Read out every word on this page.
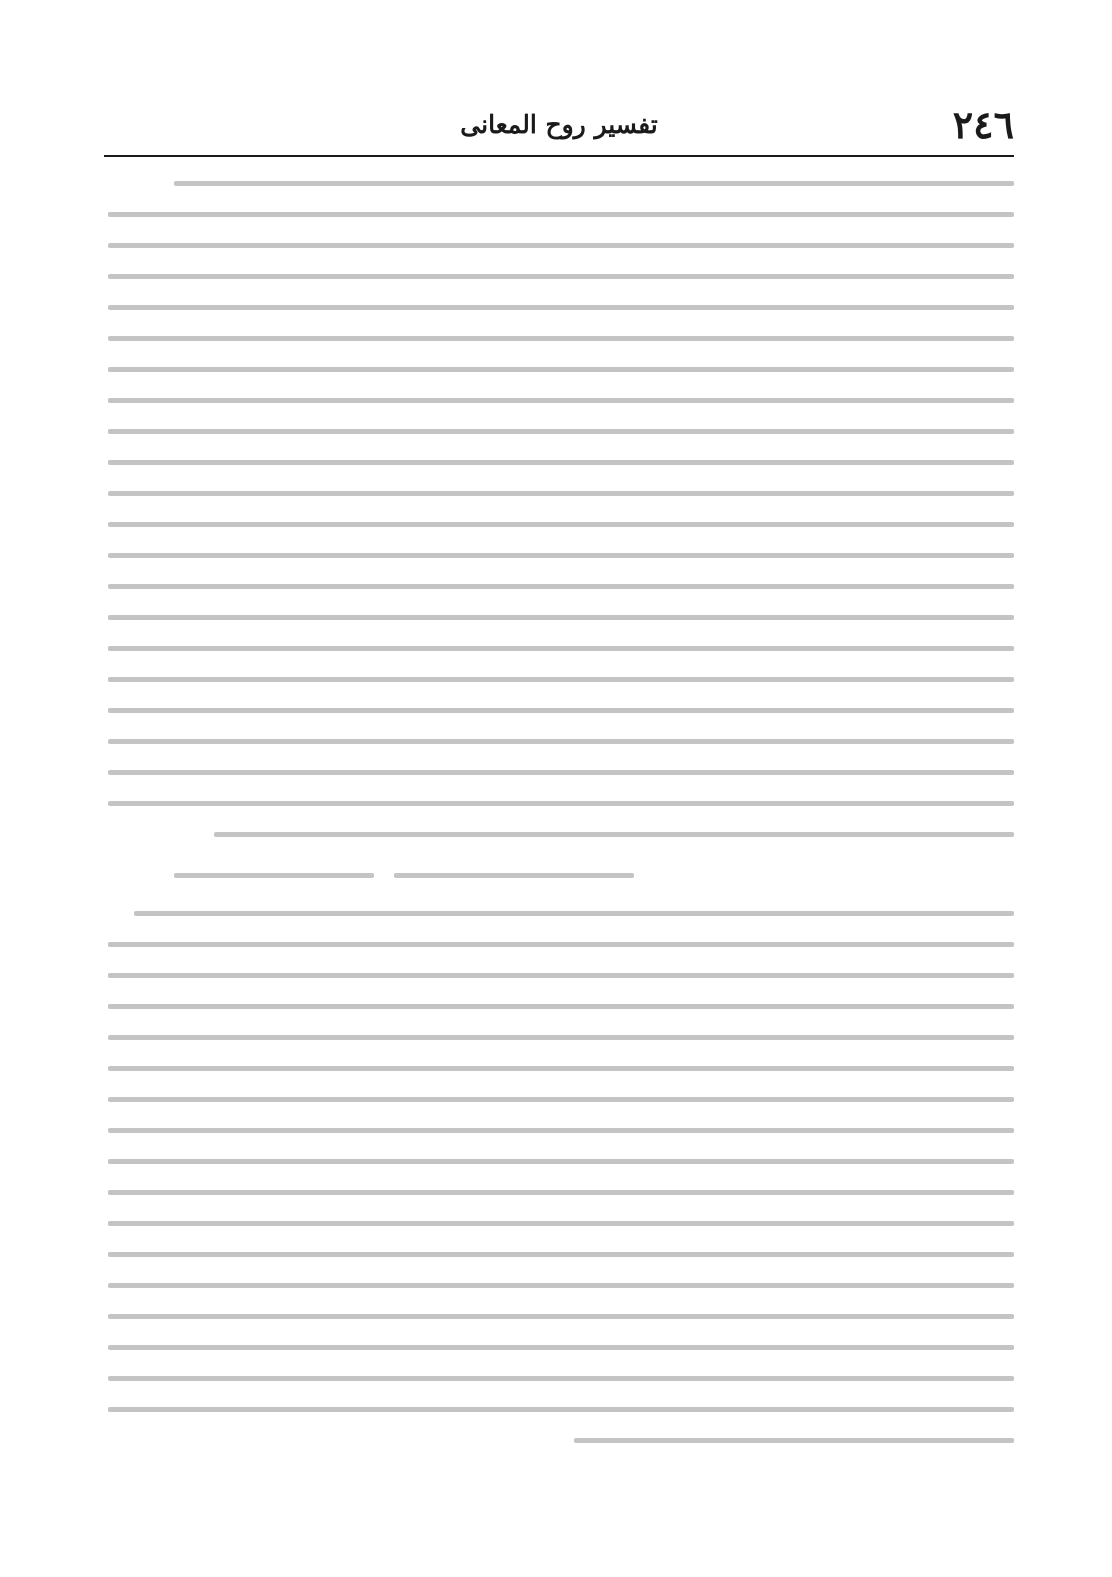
٢٤٦
تفسير روح المعانى
